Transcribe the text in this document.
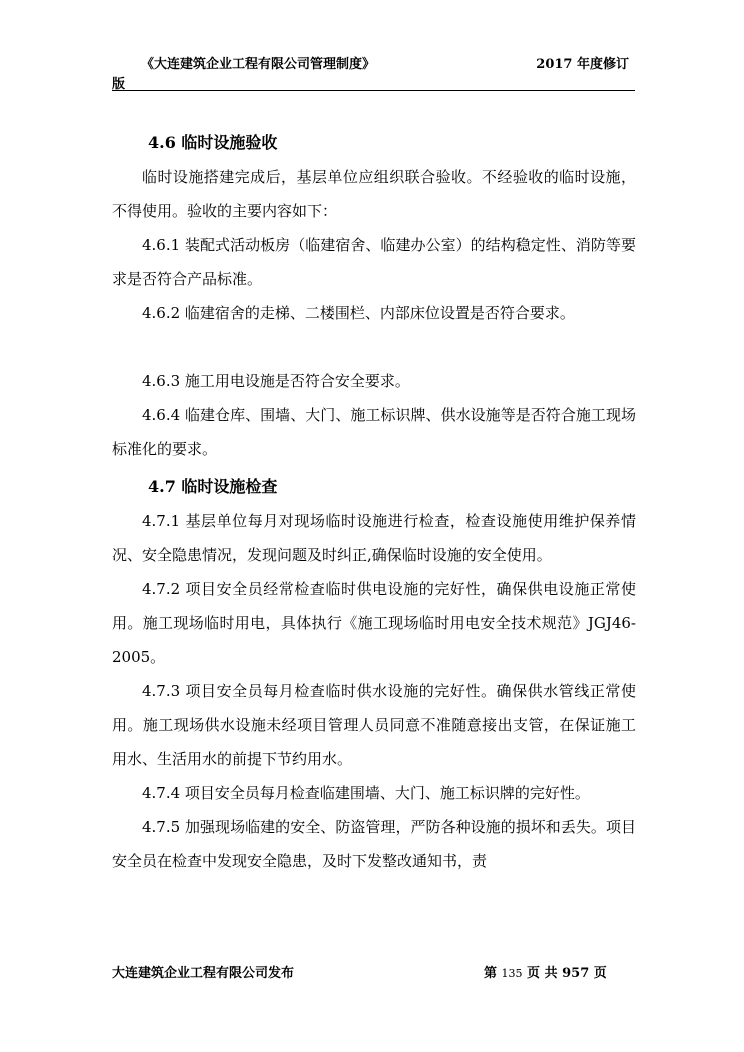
《大连建筑企业工程有限公司管理制度》	2017 年度修订
版
4.6 临时设施验收

临时设施搭建完成后，基层单位应组织联合验收。不经验收的临时设施，不得使用。验收的主要内容如下：

4.6.1 装配式活动板房（临建宿舍、临建办公室）的结构稳定性、消防等要求是否符合产品标准。

4.6.2 临建宿舍的走梯、二楼围栏、内部床位设置是否符合要求。

4.6.3 施工用电设施是否符合安全要求。

4.6.4 临建仓库、围墙、大门、施工标识牌、供水设施等是否符合施工现场标准化的要求。

4.7 临时设施检查

4.7.1 基层单位每月对现场临时设施进行检查，检查设施使用维护保养情况、安全隐患情况，发现问题及时纠正,确保临时设施的安全使用。

4.7.2 项目安全员经常检查临时供电设施的完好性，确保供电设施正常使用。施工现场临时用电，具体执行《施工现场临时用电安全技术规范》JGJ46-2005。

4.7.3 项目安全员每月检查临时供水设施的完好性。确保供水管线正常使用。施工现场供水设施未经项目管理人员同意不准随意接出支管，在保证施工用水、生活用水的前提下节约用水。

4.7.4 项目安全员每月检查临建围墙、大门、施工标识牌的完好性。

4.7.5 加强现场临建的安全、防盗管理，严防各种设施的损坏和丢失。项目安全员在检查中发现安全隐患，及时下发整改通知书，责

大连建筑企业工程有限公司发布	第 135 页 共 957 页
